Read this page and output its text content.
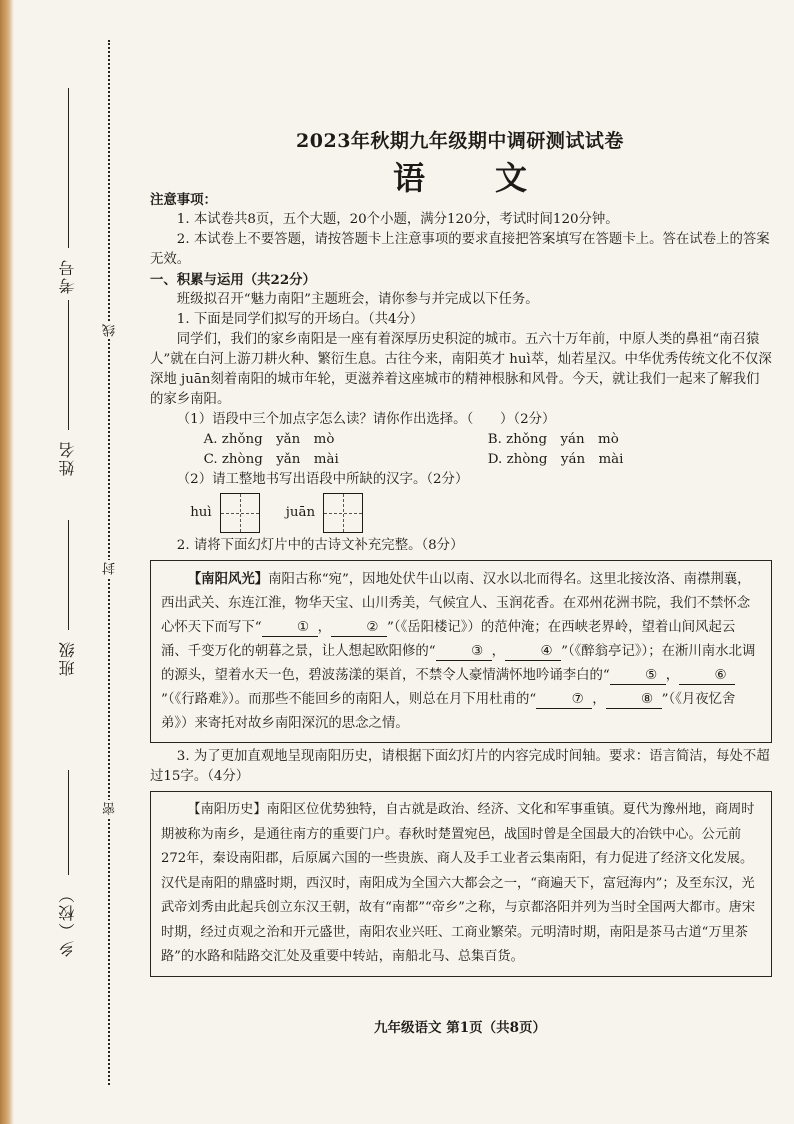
考号
姓名
班级
乡（校）
线
封
密
2023年秋期九年级期中调研测试试卷
语文

注意事项：

1. 本试卷共8页，五个大题，20个小题，满分120分，考试时间120分钟。

2. 本试卷上不要答题，请按答题卡上注意事项的要求直接把答案填写在答题卡上。答在试卷上的答案无效。

一、积累与运用（共22分）

班级拟召开“魅力南阳”主题班会，请你参与并完成以下任务。

1. 下面是同学们拟写的开场白。（共4分）

同学们，我们的家乡南阳是一座有着深厚历史积淀的城市。五六十万年前，中原人类的鼻祖“南召猿人”就在白河上游刀耕火种、繁衍生息。古往今来，南阳英才 huì萃，灿若星汉。中华优秀传统文化不仅深深地 juān刻着南阳的城市年轮，更滋养着这座城市的精神根脉和风骨。今天，就让我们一起来了解我们的家乡南阳。

（1）语段中三个加点字怎么读？请你作出选择。（　　）（2分）

A. zhǒng　yǎn　mò	B. zhǒng　yán　mò
C. zhòng　yǎn　mài	D. zhòng　yán　mài

（2）请工整地书写出语段中所缺的汉字。（2分）

huì	juān

2. 请将下面幻灯片中的古诗文补充完整。（8分）

【南阳风光】南阳古称“宛”，因地处伏牛山以南、汉水以北而得名。这里北接汝洛、南襟荆襄，西出武关、东连江淮，物华天宝、山川秀美，气候宜人、玉润花香。在邓州花洲书院，我们不禁怀念心怀天下而写下“	① ，	② ”（《岳阳楼记》）的范仲淹；在西峡老界岭，望着山间风起云涌、千变万化的朝暮之景，让人想起欧阳修的“	③ ，	④ ”（《醉翁亭记》）；在淅川南水北调的源头，望着水天一色，碧波荡漾的渠首，不禁令人豪情满怀地吟诵李白的“	⑤ ，	⑥”（《行路难》）。而那些不能回乡的南阳人，则总在月下用杜甫的“	⑦ ，	⑧ ”（《月夜忆舍弟》）来寄托对故乡南阳深沉的思念之情。

3. 为了更加直观地呈现南阳历史，请根据下面幻灯片的内容完成时间轴。要求：语言简洁，每处不超过15字。（4分）

【南阳历史】南阳区位优势独特，自古就是政治、经济、文化和军事重镇。夏代为豫州地，商周时期被称为南乡，是通往南方的重要门户。春秋时楚置宛邑，战国时曾是全国最大的冶铁中心。公元前272年，秦设南阳郡，后原属六国的一些贵族、商人及手工业者云集南阳，有力促进了经济文化发展。汉代是南阳的鼎盛时期，西汉时，南阳成为全国六大都会之一，“商遍天下，富冠海内”；及至东汉，光武帝刘秀由此起兵创立东汉王朝，故有“南都”“帝乡”之称，与京都洛阳并列为当时全国两大都市。唐宋时期，经过贞观之治和开元盛世，南阳农业兴旺、工商业繁荣。元明清时期，南阳是茶马古道“万里茶路”的水路和陆路交汇处及重要中转站，南船北马、总集百货。
九年级语文 第1页（共8页）
